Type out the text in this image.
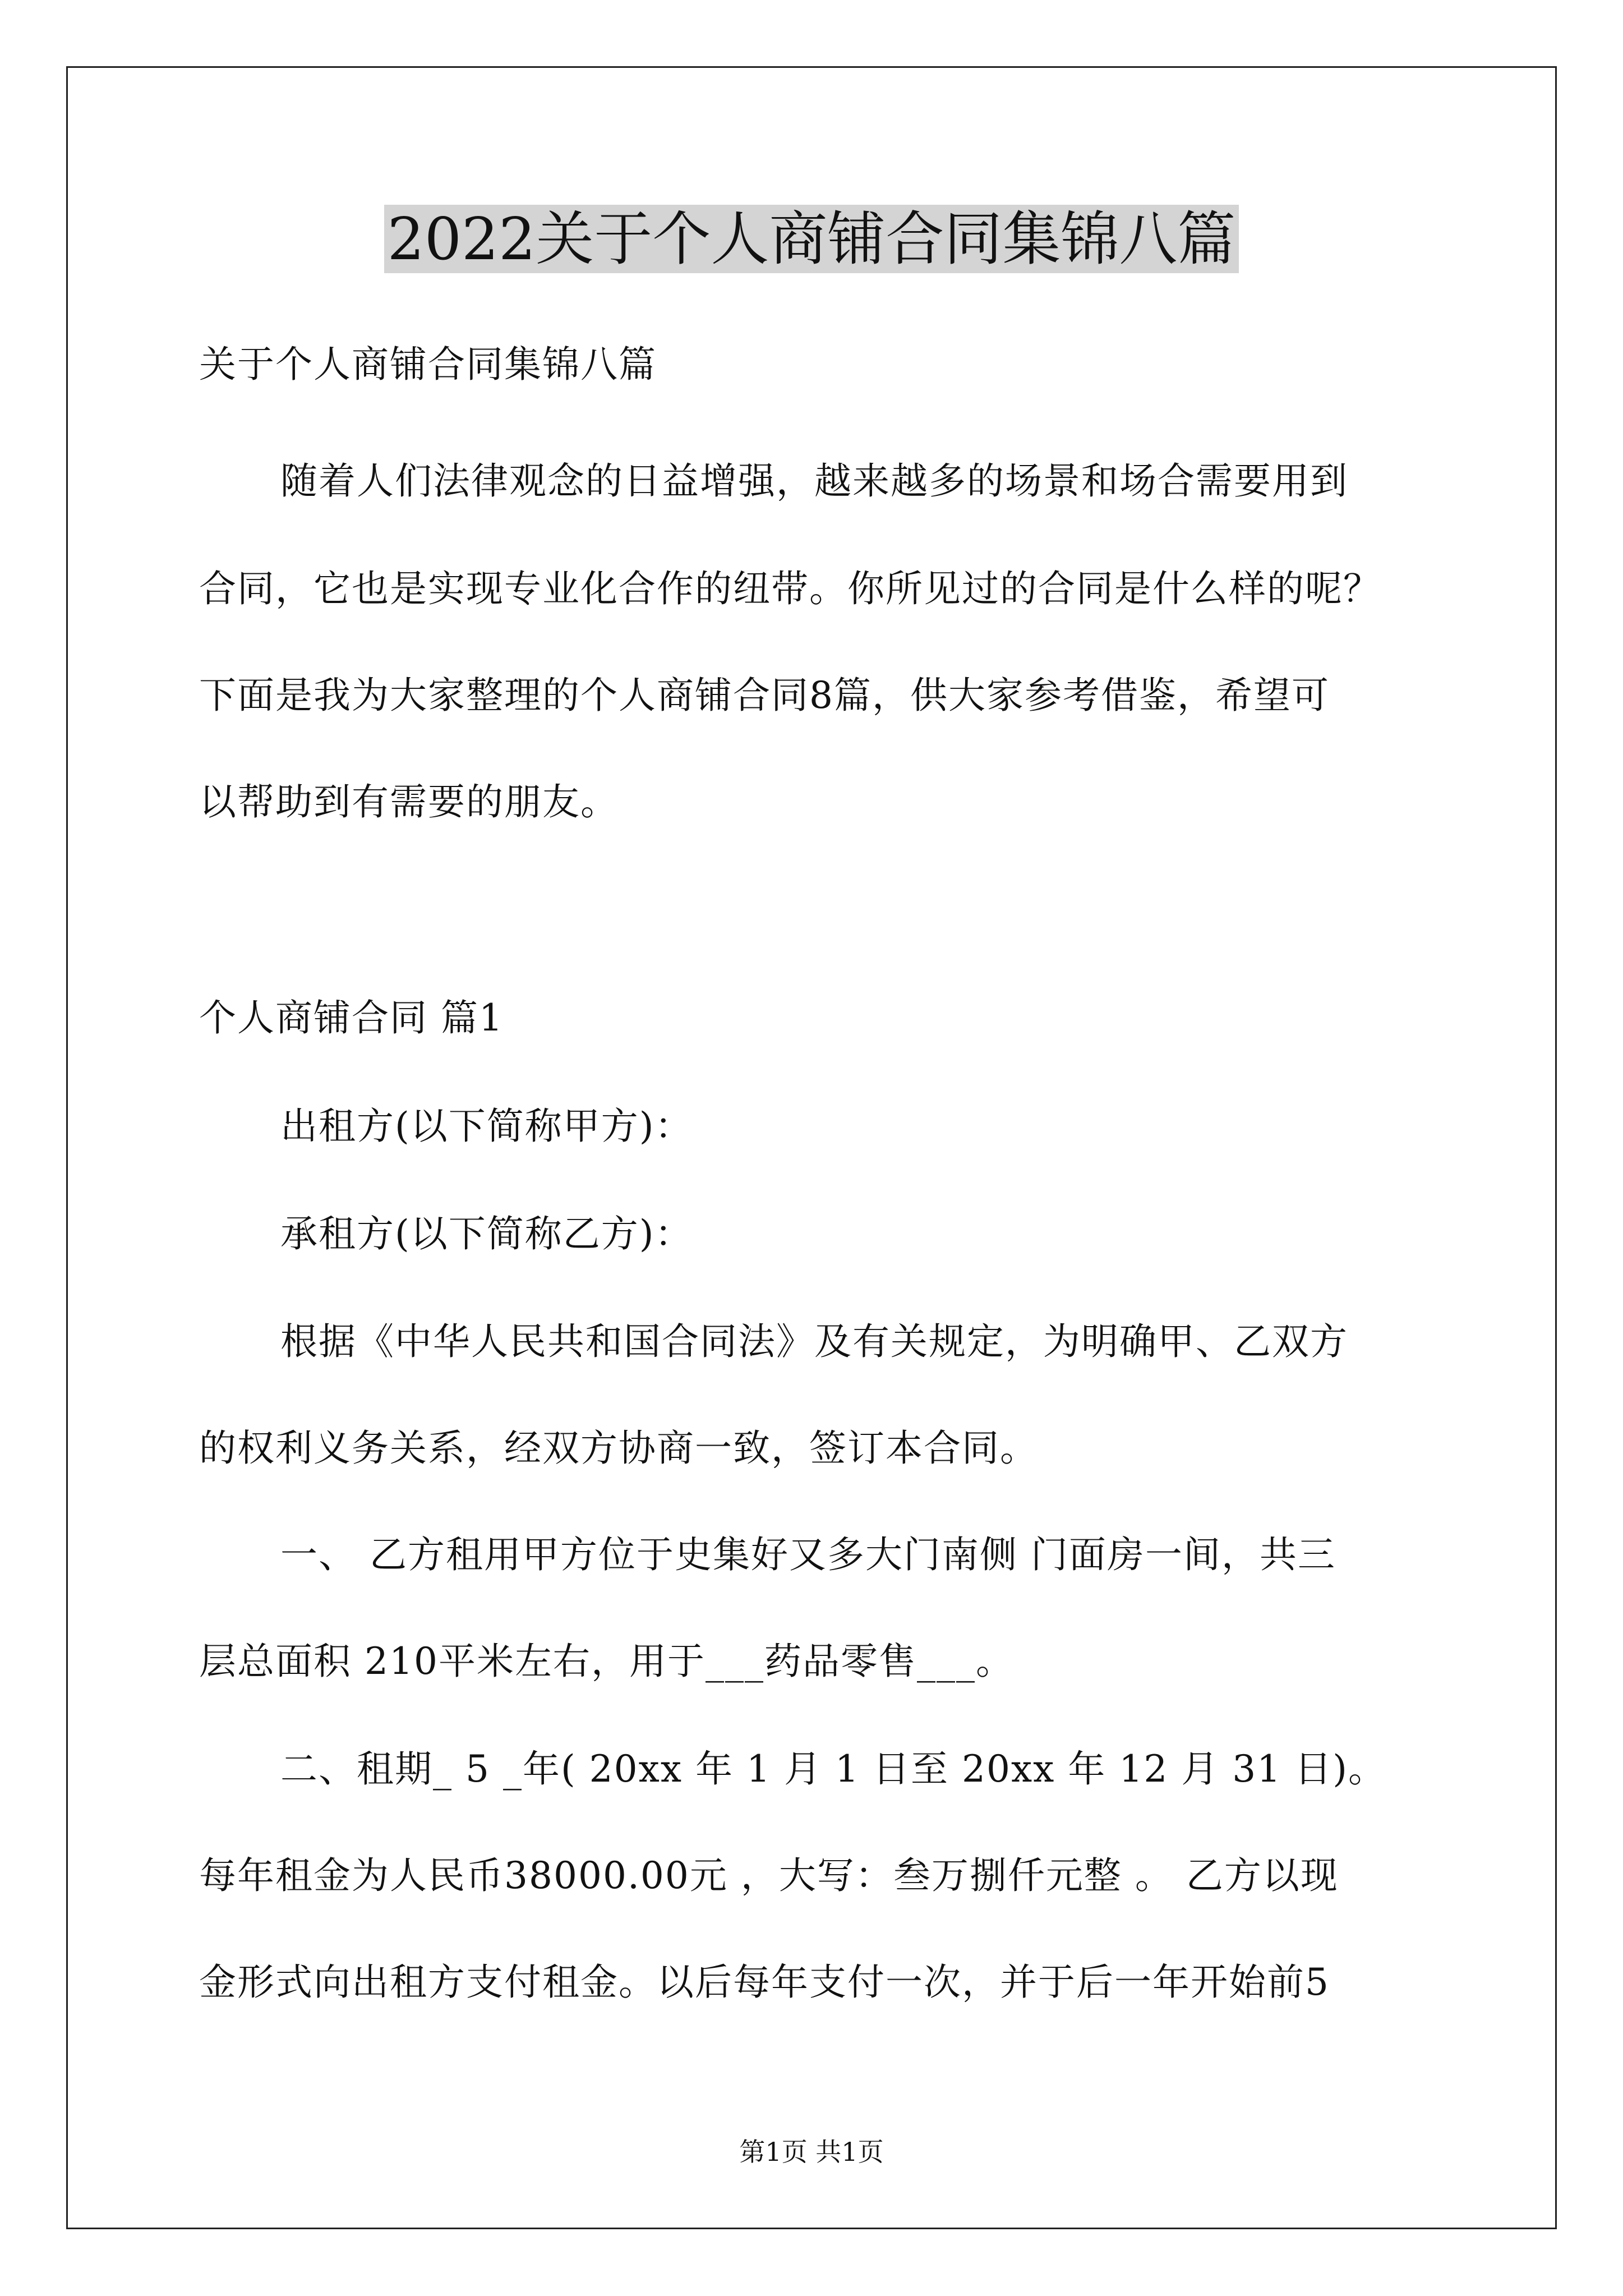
2022关于个人商铺合同集锦八篇
关于个人商铺合同集锦八篇
随着人们法律观念的日益增强，越来越多的场景和场合需要用到
合同，它也是实现专业化合作的纽带。你所见过的合同是什么样的呢？
下面是我为大家整理的个人商铺合同8篇，供大家参考借鉴，希望可
以帮助到有需要的朋友。
个人商铺合同 篇1
出租方(以下简称甲方)：
承租方(以下简称乙方)：
根据《中华人民共和国合同法》及有关规定，为明确甲、乙双方
的权利义务关系，经双方协商一致，签订本合同。
一、 乙方租用甲方位于史集好又多大门南侧 门面房一间，共三
层总面积 210平米左右，用于___药品零售___。
二、租期_ 5 _年( 20xx 年 1 月 1 日至 20xx 年 12 月 31 日)。
每年租金为人民币38000.00元 ，大写：叁万捌仟元整 。 乙方以现
金形式向出租方支付租金。以后每年支付一次，并于后一年开始前5
第1页 共1页
